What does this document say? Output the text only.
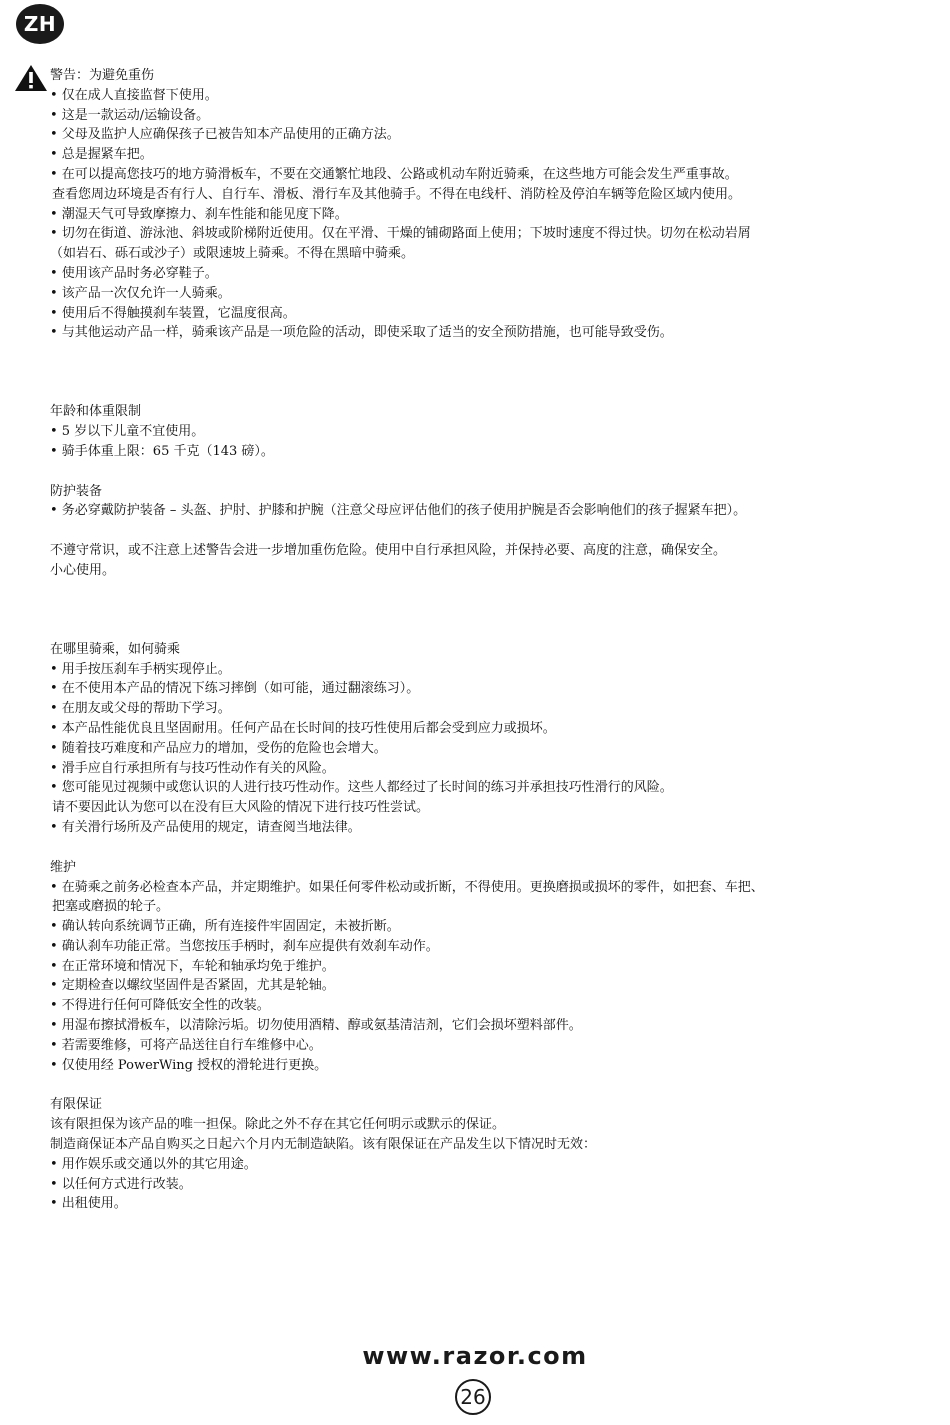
ZH
警告：为避免重伤
• 仅在成人直接监督下使用。
• 这是一款运动/运输设备。
• 父母及监护人应确保孩子已被告知本产品使用的正确方法。
• 总是握紧车把。
• 在可以提高您技巧的地方骑滑板车，不要在交通繁忙地段、公路或机动车附近骑乘，在这些地方可能会发生严重事故。
查看您周边环境是否有行人、自行车、滑板、滑行车及其他骑手。不得在电线杆、消防栓及停泊车辆等危险区域内使用。
• 潮湿天气可导致摩擦力、刹车性能和能见度下降。
• 切勿在街道、游泳池、斜坡或阶梯附近使用。仅在平滑、干燥的铺砌路面上使用；下坡时速度不得过快。切勿在松动岩屑
（如岩石、砾石或沙子）或限速坡上骑乘。不得在黑暗中骑乘。
• 使用该产品时务必穿鞋子。
• 该产品一次仅允许一人骑乘。
• 使用后不得触摸刹车装置，它温度很高。
• 与其他运动产品一样，骑乘该产品是一项危险的活动，即使采取了适当的安全预防措施，也可能导致受伤。
年龄和体重限制
• 5 岁以下儿童不宜使用。
• 骑手体重上限：65 千克（143 磅）。
防护装备
• 务必穿戴防护装备 – 头盔、护肘、护膝和护腕（注意父母应评估他们的孩子使用护腕是否会影响他们的孩子握紧车把）。
不遵守常识，或不注意上述警告会进一步增加重伤危险。使用中自行承担风险，并保持必要、高度的注意，确保安全。
小心使用。
在哪里骑乘，如何骑乘
• 用手按压刹车手柄实现停止。
• 在不使用本产品的情况下练习摔倒（如可能，通过翻滚练习）。
• 在朋友或父母的帮助下学习。
• 本产品性能优良且坚固耐用。任何产品在长时间的技巧性使用后都会受到应力或损坏。
• 随着技巧难度和产品应力的增加，受伤的危险也会增大。
• 滑手应自行承担所有与技巧性动作有关的风险。
• 您可能见过视频中或您认识的人进行技巧性动作。这些人都经过了长时间的练习并承担技巧性滑行的风险。
请不要因此认为您可以在没有巨大风险的情况下进行技巧性尝试。
• 有关滑行场所及产品使用的规定，请查阅当地法律。
维护
• 在骑乘之前务必检查本产品，并定期维护。如果任何零件松动或折断，不得使用。更换磨损或损坏的零件，如把套、车把、
把塞或磨损的轮子。
• 确认转向系统调节正确，所有连接件牢固固定，未被折断。
• 确认刹车功能正常。当您按压手柄时，刹车应提供有效刹车动作。
• 在正常环境和情况下，车轮和轴承均免于维护。
• 定期检查以螺纹坚固件是否紧固，尤其是轮轴。
• 不得进行任何可降低安全性的改装。
• 用湿布擦拭滑板车，以清除污垢。切勿使用酒精、醇或氨基清洁剂，它们会损坏塑料部件。
• 若需要维修，可将产品送往自行车维修中心。
• 仅使用经 PowerWing 授权的滑轮进行更换。
有限保证
该有限担保为该产品的唯一担保。除此之外不存在其它任何明示或默示的保证。
制造商保证本产品自购买之日起六个月内无制造缺陷。该有限保证在产品发生以下情况时无效：
• 用作娱乐或交通以外的其它用途。
• 以任何方式进行改装。
• 出租使用。
www.razor.com
26
